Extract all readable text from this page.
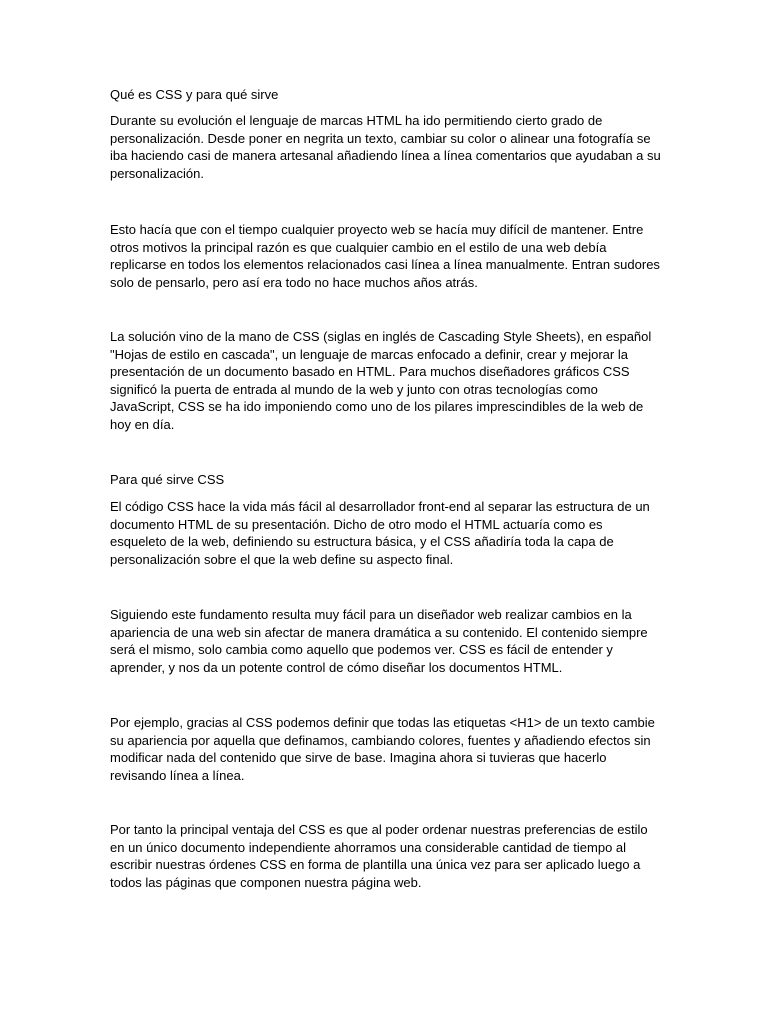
Qué es CSS y para qué sirve

Durante su evolución el lenguaje de marcas HTML ha ido permitiendo cierto grado de personalización. Desde poner en negrita un texto, cambiar su color o alinear una fotografía se iba haciendo casi de manera artesanal añadiendo línea a línea comentarios que ayudaban a su personalización.

Esto hacía que con el tiempo cualquier proyecto web se hacía muy difícil de mantener. Entre otros motivos la principal razón es que cualquier cambio en el estilo de una web debía replicarse en todos los elementos relacionados casi línea a línea manualmente. Entran sudores solo de pensarlo, pero así era todo no hace muchos años atrás.

La solución vino de la mano de CSS (siglas en inglés de Cascading Style Sheets), en español "Hojas de estilo en cascada", un lenguaje de marcas enfocado a definir, crear y mejorar la presentación de un documento basado en HTML. Para muchos diseñadores gráficos CSS significó la puerta de entrada al mundo de la web y junto con otras tecnologías como JavaScript, CSS se ha ido imponiendo como uno de los pilares imprescindibles de la web de hoy en día.

Para qué sirve CSS

El código CSS hace la vida más fácil al desarrollador front-end al separar las estructura de un documento HTML de su presentación. Dicho de otro modo el HTML actuaría como es esqueleto de la web, definiendo su estructura básica, y el CSS añadiría toda la capa de personalización sobre el que la web define su aspecto final.

Siguiendo este fundamento resulta muy fácil para un diseñador web realizar cambios en la apariencia de una web sin afectar de manera dramática a su contenido. El contenido siempre será el mismo, solo cambia como aquello que podemos ver. CSS es fácil de entender y aprender, y nos da un potente control de cómo diseñar los documentos HTML.

Por ejemplo, gracias al CSS podemos definir que todas las etiquetas <H1> de un texto cambie su apariencia por aquella que definamos, cambiando colores, fuentes y añadiendo efectos sin modificar nada del contenido que sirve de base. Imagina ahora si tuvieras que hacerlo revisando línea a línea.

Por tanto la principal ventaja del CSS es que al poder ordenar nuestras preferencias de estilo en un único documento independiente ahorramos una considerable cantidad de tiempo al escribir nuestras órdenes CSS en forma de plantilla una única vez para ser aplicado luego a todos las páginas que componen nuestra página web.
